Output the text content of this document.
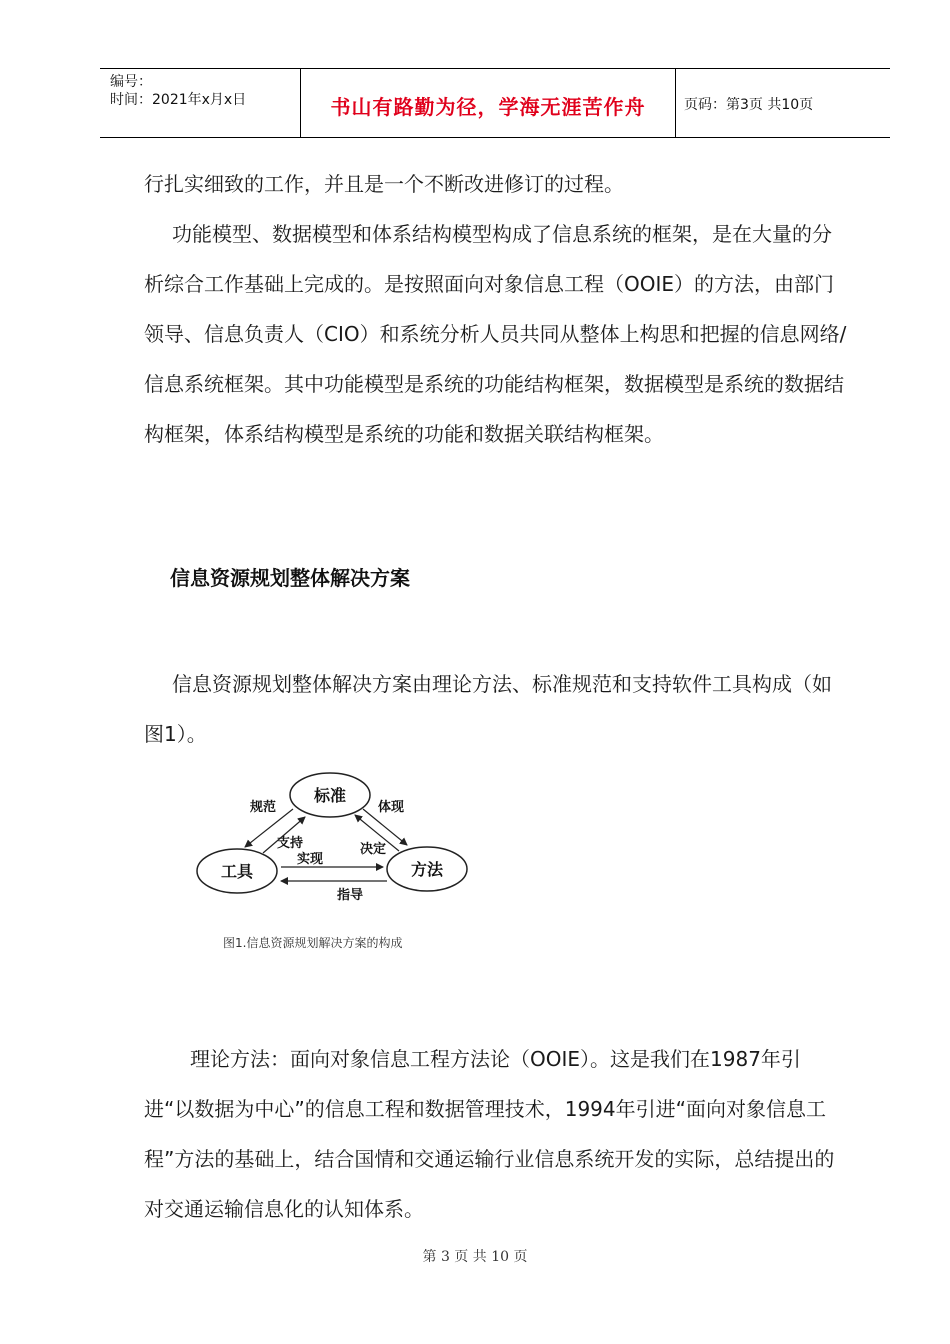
编号：
时间：2021年x月x日	书山有路勤为径，学海无涯苦作舟	页码：第3页 共10页
行扎实细致的工作，并且是一个不断改进修订的过程。
功能模型、数据模型和体系结构模型构成了信息系统的框架，是在大量的分析综合工作基础上完成的。是按照面向对象信息工程（OOIE）的方法，由部门领导、信息负责人（CIO）和系统分析人员共同从整体上构思和把握的信息网络/信息系统框架。其中功能模型是系统的功能结构框架，数据模型是系统的数据结构框架，体系结构模型是系统的功能和数据关联结构框架。
信息资源规划整体解决方案
信息资源规划整体解决方案由理论方法、标准规范和支持软件工具构成（如图1）。
标准
工具	方法
规范	体现
支持
实现
决定
指导
图1.信息资源规划解决方案的构成
理论方法：面向对象信息工程方法论（OOIE）。这是我们在1987年引进“以数据为中心”的信息工程和数据管理技术，1994年引进“面向对象信息工程”方法的基础上，结合国情和交通运输行业信息系统开发的实际，总结提出的对交通运输信息化的认知体系。
第 3 页 共 10 页
